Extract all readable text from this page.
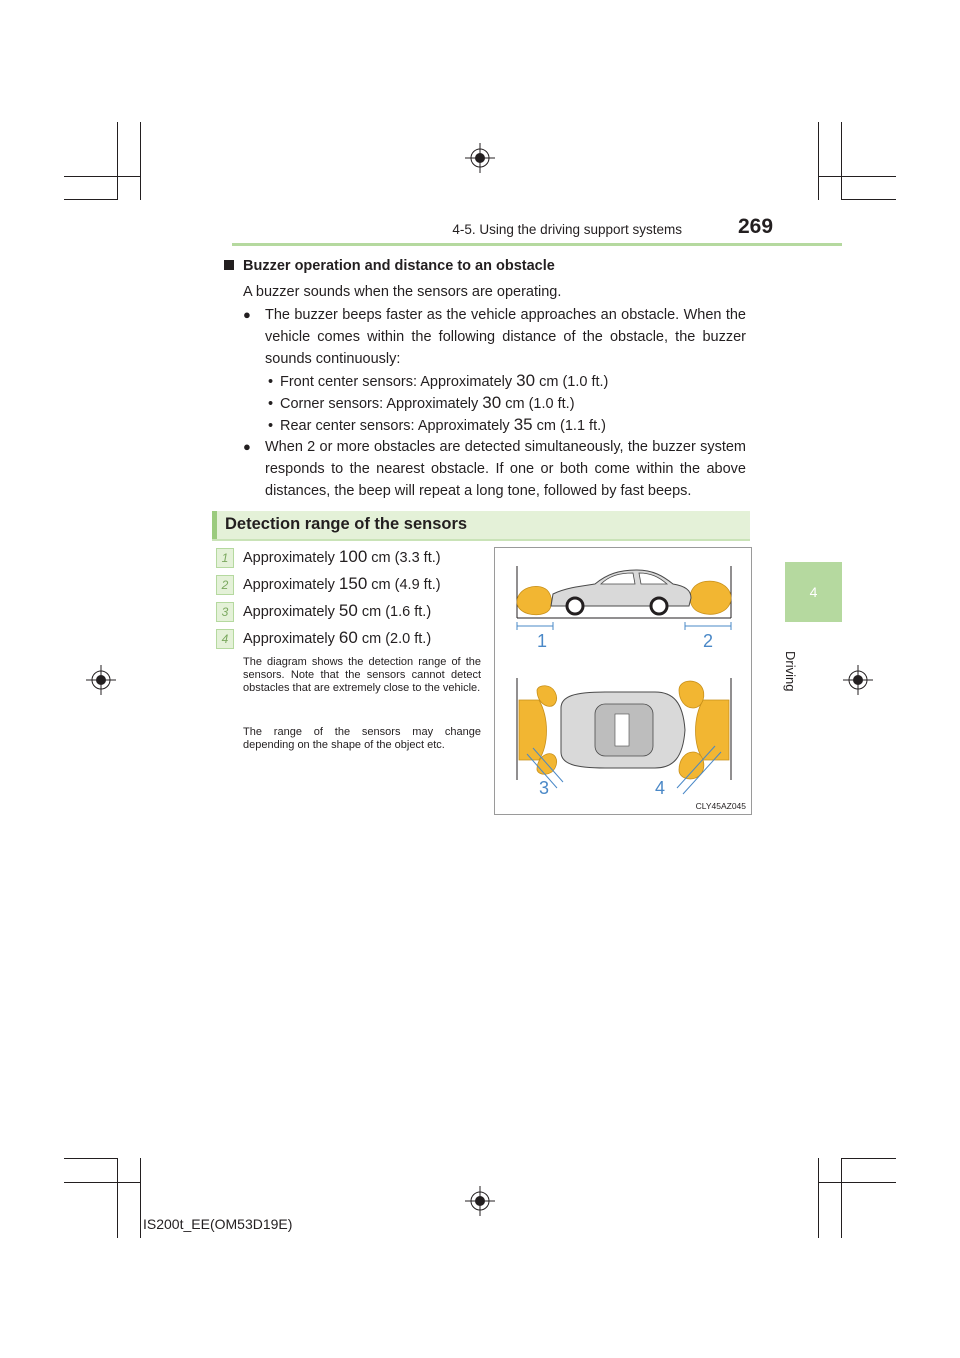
4-5. Using the driving support systems	269
4
Driving
Buzzer operation and distance to an obstacle
A buzzer sounds when the sensors are operating.
● The buzzer beeps faster as the vehicle approaches an obstacle. When the vehicle comes within the following distance of the obstacle, the buzzer sounds continuously:
• Front center sensors: Approximately 30 cm (1.0 ft.)
• Corner sensors: Approximately 30 cm (1.0 ft.)
• Rear center sensors: Approximately 35 cm (1.1 ft.)
● When 2 or more obstacles are detected simultaneously, the buzzer system responds to the nearest obstacle. If one or both come within the above distances, the beep will repeat a long tone, followed by fast beeps.
Detection range of the sensors
1	Approximately 100 cm (3.3 ft.)
2	Approximately 150 cm (4.9 ft.)
3	Approximately 50 cm (1.6 ft.)
4	Approximately 60 cm (2.0 ft.)
The diagram shows the detection range of the sensors. Note that the sensors cannot detect obstacles that are extremely close to the vehicle.
The range of the sensors may change depending on the shape of the object etc.
1	2
3	4
CLY45AZ045
IS200t_EE(OM53D19E)
